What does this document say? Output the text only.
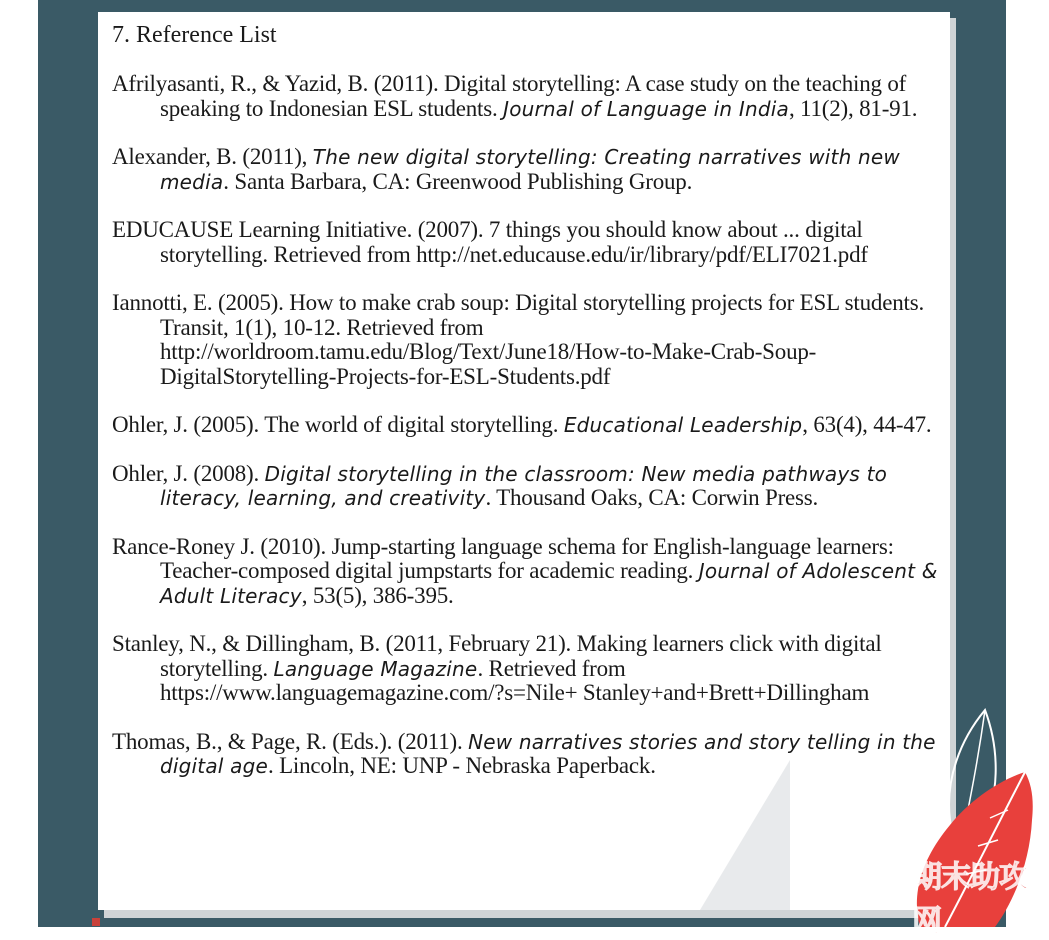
7. Reference List
Afrilyasanti, R., & Yazid, B. (2011). Digital storytelling: A case study on the teaching of speaking to Indonesian ESL students. Journal of Language in India, 11(2), 81-91.
Alexander, B. (2011), The new digital storytelling: Creating narratives with new media. Santa Barbara, CA: Greenwood Publishing Group.
EDUCAUSE Learning Initiative. (2007). 7 things you should know about ... digital storytelling. Retrieved from http://net.educause.edu/ir/library/pdf/ELI7021.pdf
Iannotti, E. (2005). How to make crab soup: Digital storytelling projects for ESL students. Transit, 1(1), 10-12. Retrieved from http://worldroom.tamu.edu/Blog/Text/June18/How-to-Make-Crab-Soup-DigitalStorytelling-Projects-for-ESL-Students.pdf
Ohler, J. (2005). The world of digital storytelling. Educational Leadership, 63(4), 44-47.
Ohler, J. (2008). Digital storytelling in the classroom: New media pathways to literacy, learning, and creativity. Thousand Oaks, CA: Corwin Press.
Rance-Roney J. (2010). Jump-starting language schema for English-language learners: Teacher-composed digital jumpstarts for academic reading. Journal of Adolescent & Adult Literacy, 53(5), 386-395.
Stanley, N., & Dillingham, B. (2011, February 21). Making learners click with digital storytelling. Language Magazine. Retrieved from https://www.languagemagazine.com/?s=Nile+ Stanley+and+Brett+Dillingham
Thomas, B., & Page, R. (Eds.). (2011). New narratives stories and story telling in the digital age. Lincoln, NE: UNP - Nebraska Paperback.
期末助攻网
